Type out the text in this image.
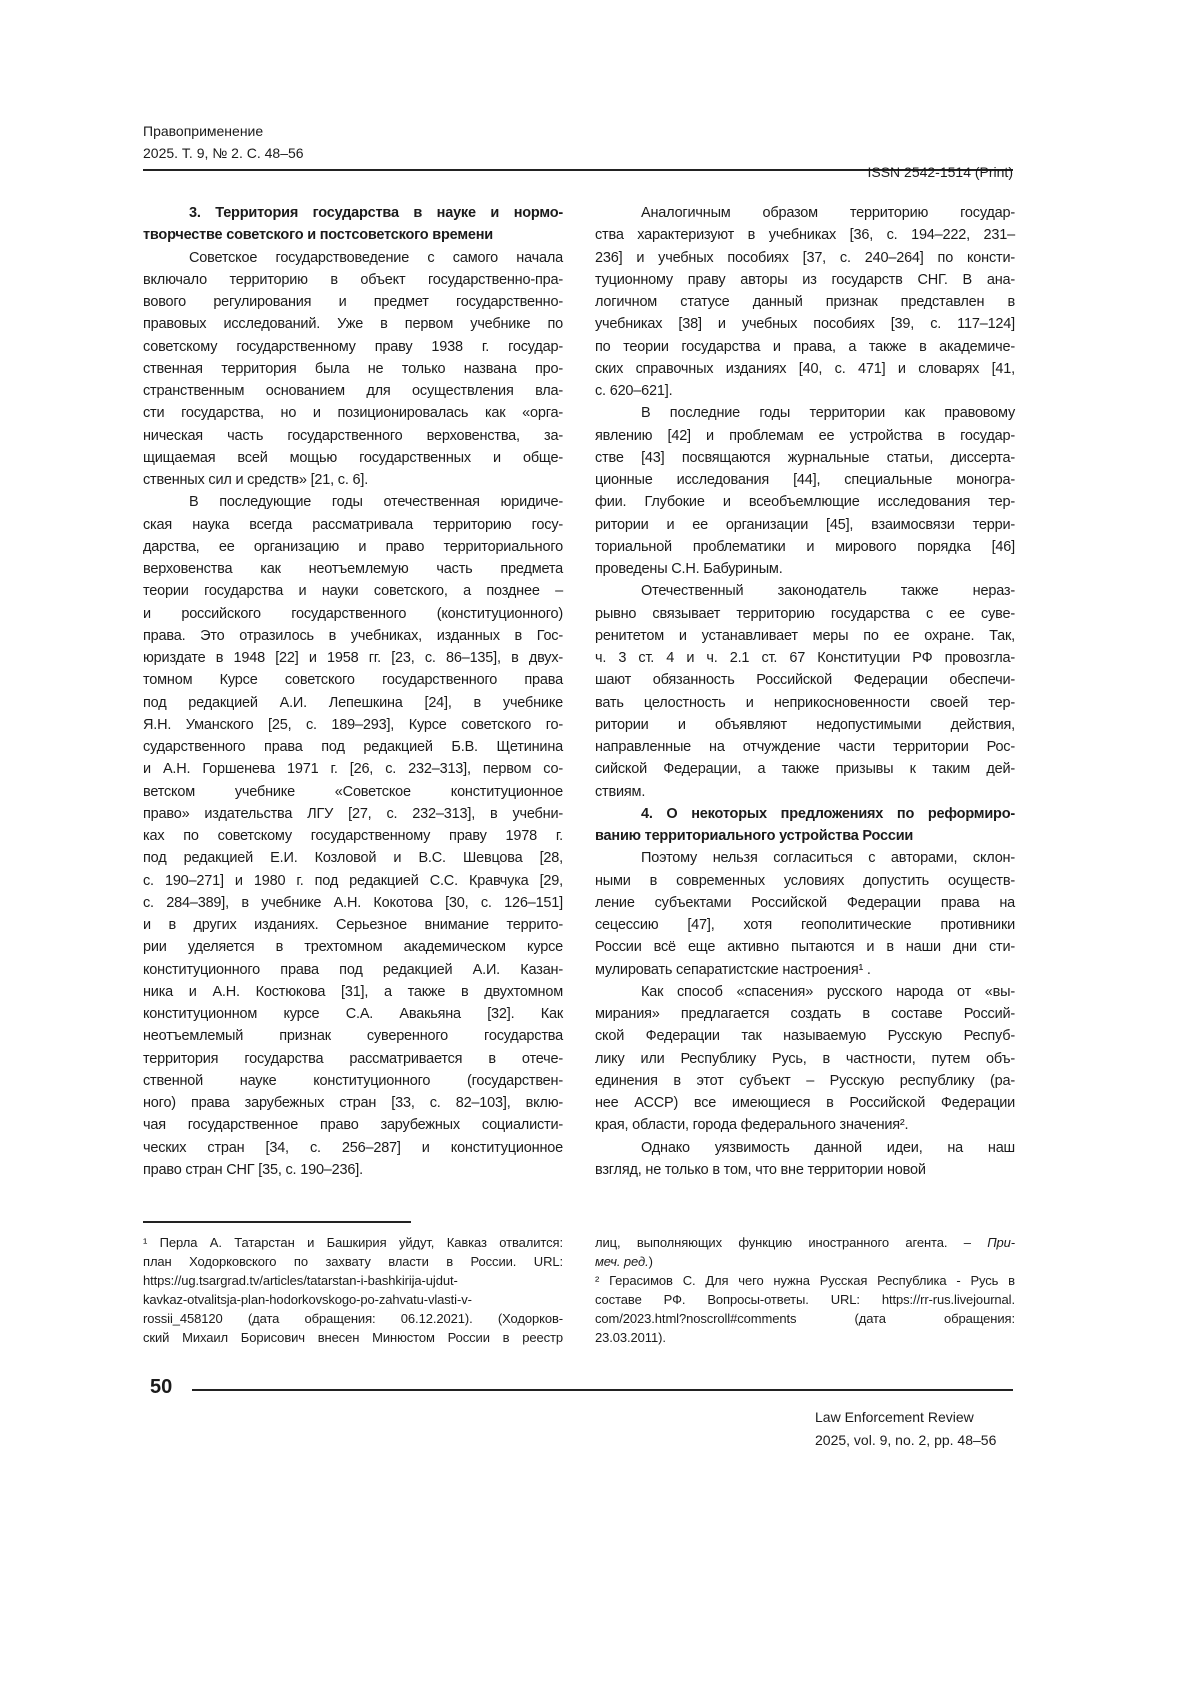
Правоприменение
2025. Т. 9, № 2. С. 48–56
ISSN 2542-1514 (Print)
3. Территория государства в науке и нормо-
творчестве советского и постсоветского времени
Советское государствоведение с самого начала
включало территорию в объект государственно-пра-
вового регулирования и предмет государственно-
правовых исследований. Уже в первом учебнике по
советскому государственному праву 1938 г. государ-
ственная территория была не только названа про-
странственным основанием для осуществления вла-
сти государства, но и позиционировалась как «орга-
ническая часть государственного верховенства, за-
щищаемая всей мощью государственных и обще-
ственных сил и средств» [21, с. 6].
В последующие годы отечественная юридиче-
ская наука всегда рассматривала территорию госу-
дарства, ее организацию и право территориального
верховенства как неотъемлемую часть предмета
теории государства и науки советского, а позднее –
и российского государственного (конституционного)
права. Это отразилось в учебниках, изданных в Гос-
юриздате в 1948 [22] и 1958 гг. [23, с. 86–135], в двух-
томном Курсе советского государственного права
под редакцией А.И. Лепешкина [24], в учебнике
Я.Н. Уманского [25, с. 189–293], Курсе советского го-
сударственного права под редакцией Б.В. Щетинина
и А.Н. Горшенева 1971 г. [26, с. 232–313], первом со-
ветском учебнике «Советское конституционное
право» издательства ЛГУ [27, с. 232–313], в учебни-
ках по советскому государственному праву 1978 г.
под редакцией Е.И. Козловой и В.С. Шевцова [28,
с. 190–271] и 1980 г. под редакцией С.С. Кравчука [29,
с. 284–389], в учебнике А.Н. Кокотова [30, с. 126–151]
и в других изданиях. Серьезное внимание террито-
рии уделяется в трехтомном академическом курсе
конституционного права под редакцией А.И. Казан-
ника и А.Н. Костюкова [31], а также в двухтомном
конституционном курсе С.А. Авакьяна [32]. Как
неотъемлемый признак суверенного государства
территория государства рассматривается в отече-
ственной науке конституционного (государствен-
ного) права зарубежных стран [33, с. 82–103], вклю-
чая государственное право зарубежных социалисти-
ческих стран [34, с. 256–287] и конституционное
право стран СНГ [35, с. 190–236].
Аналогичным образом территорию государ-
ства характеризуют в учебниках [36, с. 194–222, 231–
236] и учебных пособиях [37, с. 240–264] по консти-
туционному праву авторы из государств СНГ. В ана-
логичном статусе данный признак представлен в
учебниках [38] и учебных пособиях [39, с. 117–124]
по теории государства и права, а также в академиче-
ских справочных изданиях [40, с. 471] и словарях [41,
с. 620–621].
В последние годы территории как правовому
явлению [42] и проблемам ее устройства в государ-
стве [43] посвящаются журнальные статьи, диссерта-
ционные исследования [44], специальные моногра-
фии. Глубокие и всеобъемлющие исследования тер-
ритории и ее организации [45], взаимосвязи терри-
ториальной проблематики и мирового порядка [46]
проведены С.Н. Бабуриным.
Отечественный законодатель также нераз-
рывно связывает территорию государства с ее суве-
ренитетом и устанавливает меры по ее охране. Так,
ч. 3 ст. 4 и ч. 2.1 ст. 67 Конституции РФ провозгла-
шают обязанность Российской Федерации обеспечи-
вать целостность и неприкосновенности своей тер-
ритории и объявляют недопустимыми действия,
направленные на отчуждение части территории Рос-
сийской Федерации, а также призывы к таким дей-
ствиям.
4. О некоторых предложениях по реформиро-
ванию территориального устройства России
Поэтому нельзя согласиться с авторами, склон-
ными в современных условиях допустить осуществ-
ление субъектами Российской Федерации права на
сецессию [47], хотя геополитические противники
России всё еще активно пытаются и в наши дни сти-
мулировать сепаратистские настроения¹ .
Как способ «спасения» русского народа от «вы-
мирания» предлагается создать в составе Россий-
ской Федерации так называемую Русскую Респуб-
лику или Республику Русь, в частности, путем объ-
единения в этот субъект – Русскую республику (ра-
нее АССР) все имеющиеся в Российской Федерации
края, области, города федерального значения².
Однако уязвимость данной идеи, на наш
взгляд, не только в том, что вне территории новой
¹ Перла А. Татарстан и Башкирия уйдут, Кавказ отвалится:
план Ходорковского по захвату власти в России. URL:
https://ug.tsargrad.tv/articles/tatarstan-i-bashkirija-ujdut-
kavkaz-otvalitsja-plan-hodorkovskogo-po-zahvatu-vlasti-v-
rossii_458120 (дата обращения: 06.12.2021). (Ходорков-
ский Михаил Борисович внесен Минюстом России в реестр
лиц, выполняющих функцию иностранного агента. – При-
меч. ред.)
² Герасимов С. Для чего нужна Русская Республика - Русь в
составе РФ. Вопросы-ответы. URL: https://rr-rus.livejournal.
com/2023.html?noscroll#comments (дата обращения:
23.03.2011).
50
Law Enforcement Review
2025, vol. 9, no. 2, pp. 48–56
